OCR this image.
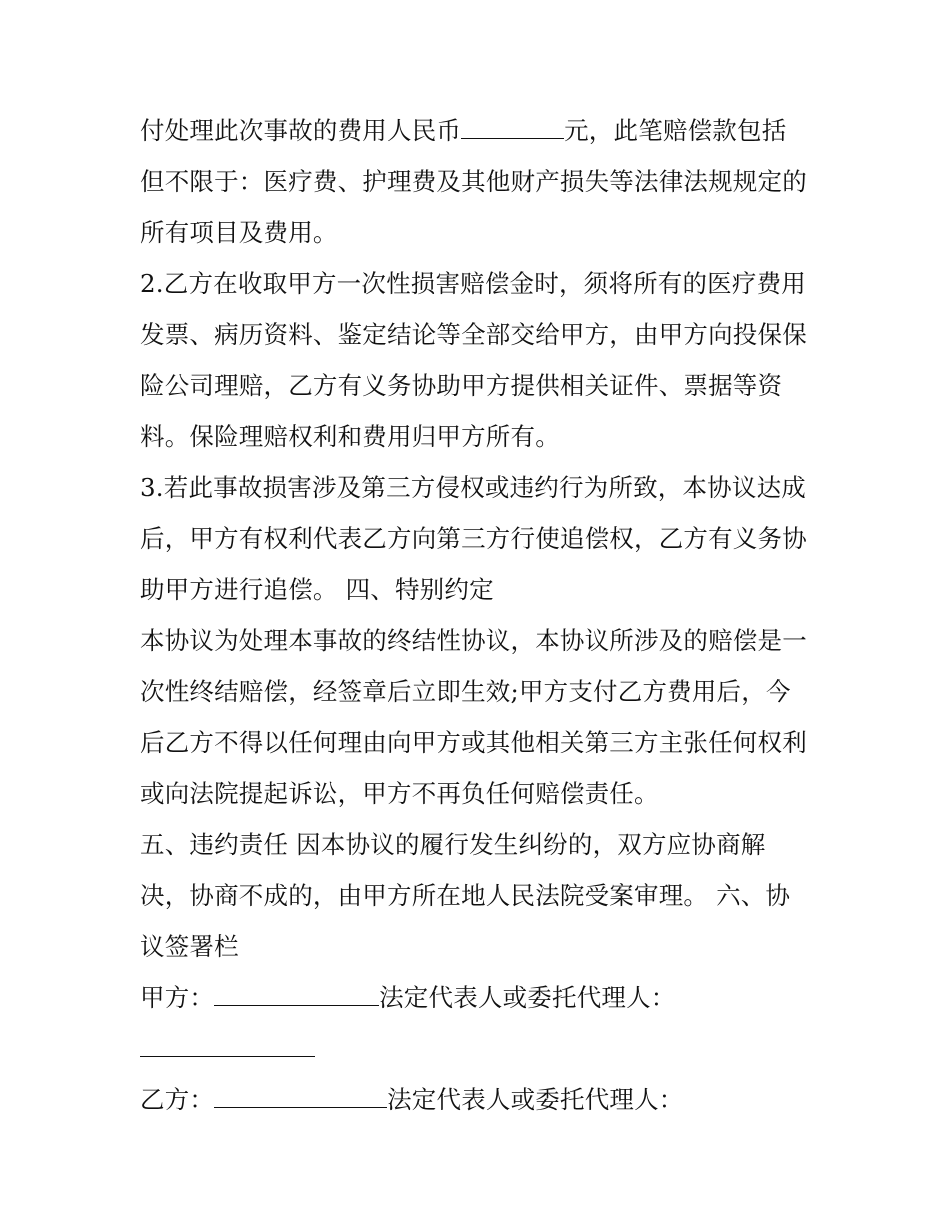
付处理此次事故的费用人民币	元，此笔赔偿款包括
但不限于：医疗费、护理费及其他财产损失等法律法规规定的
所有项目及费用。
2.乙方在收取甲方一次性损害赔偿金时，须将所有的医疗费用
发票、病历资料、鉴定结论等全部交给甲方，由甲方向投保保
险公司理赔，乙方有义务协助甲方提供相关证件、票据等资
料。保险理赔权利和费用归甲方所有。
3.若此事故损害涉及第三方侵权或违约行为所致，本协议达成
后，甲方有权利代表乙方向第三方行使追偿权，乙方有义务协
助甲方进行追偿。 四、特别约定
本协议为处理本事故的终结性协议，本协议所涉及的赔偿是一
次性终结赔偿，经签章后立即生效;甲方支付乙方费用后，今
后乙方不得以任何理由向甲方或其他相关第三方主张任何权利
或向法院提起诉讼，甲方不再负任何赔偿责任。
五、违约责任 因本协议的履行发生纠纷的，双方应协商解
决，协商不成的，由甲方所在地人民法院受案审理。 六、协
议签署栏
甲方：	法定代表人或委托代理人：
乙方：	法定代表人或委托代理人：
